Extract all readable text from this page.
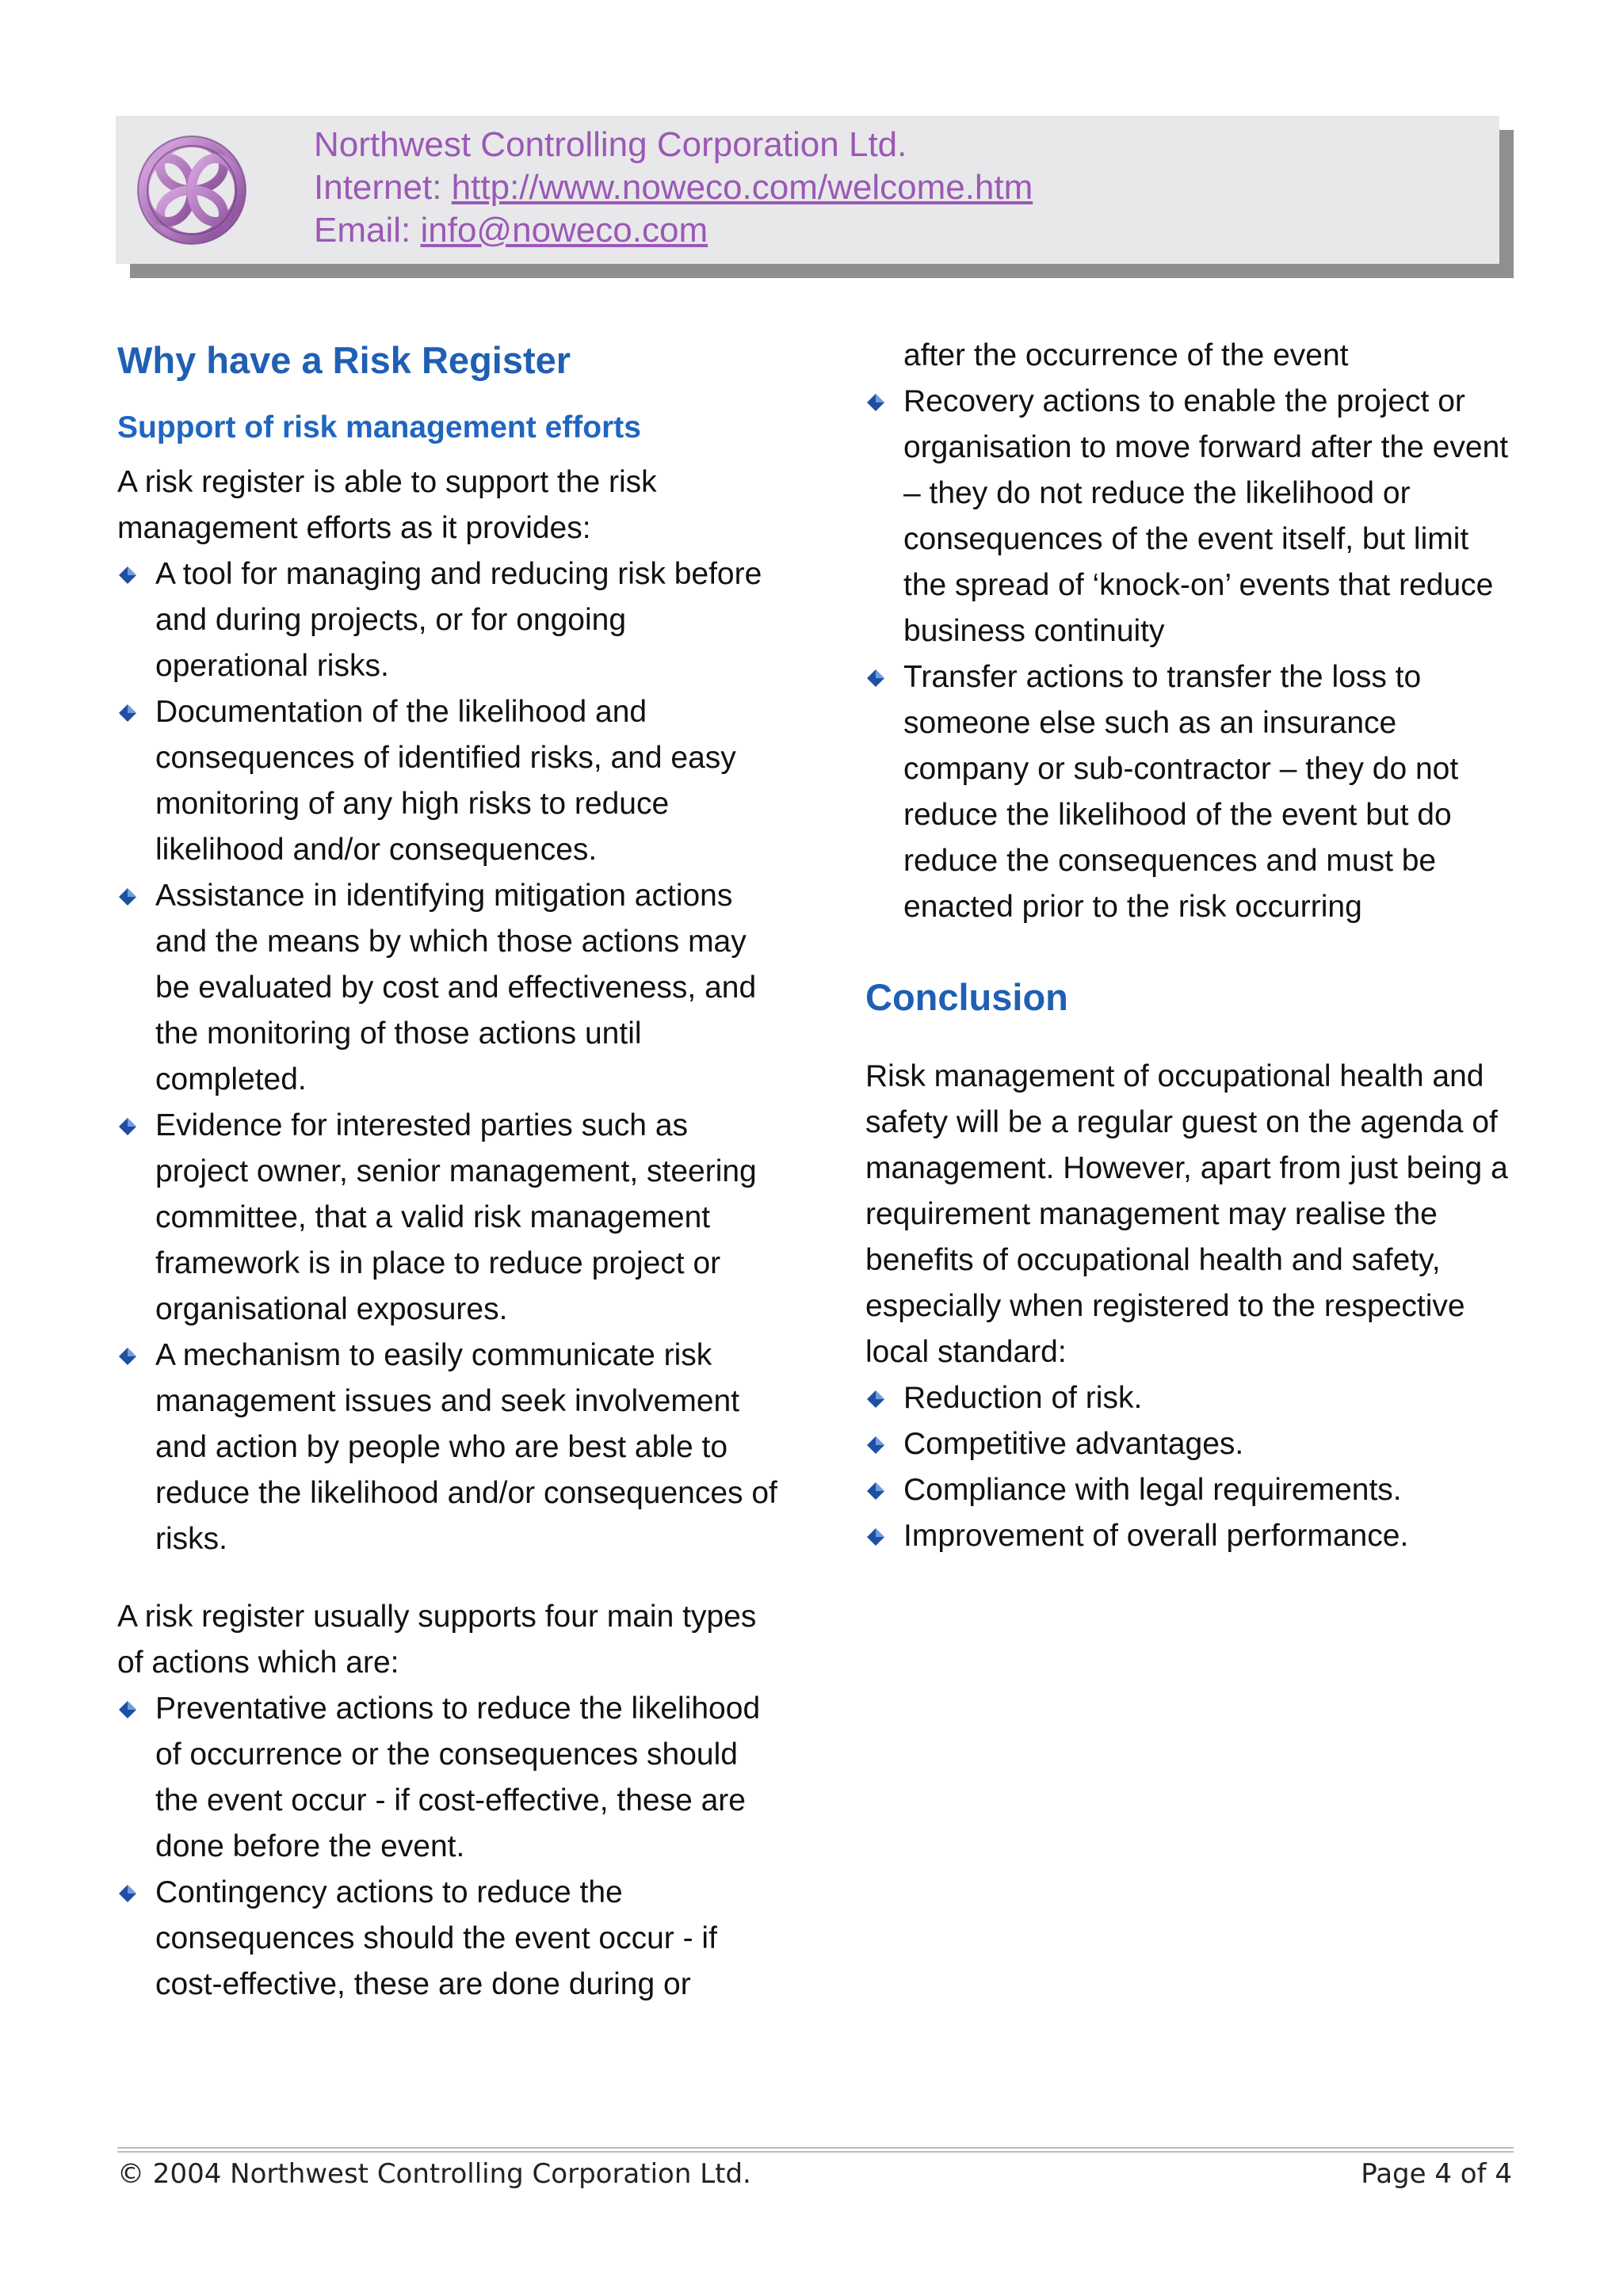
Northwest Controlling Corporation Ltd.
Internet: http://www.noweco.com/welcome.htm
Email: info@noweco.com
Why have a Risk Register
Support of risk management efforts

A risk register is able to support the risk management efforts as it provides:

A tool for managing and reducing risk before and during projects, or for ongoing operational risks.
Documentation of the likelihood and consequences of identified risks, and easy monitoring of any high risks to reduce likelihood and/or consequences.
Assistance in identifying mitigation actions and the means by which those actions may be evaluated by cost and effectiveness, and the monitoring of those actions until completed.
Evidence for interested parties such as project owner, senior management, steering committee, that a valid risk management framework is in place to reduce project or organisational exposures.
A mechanism to easily communicate risk management issues and seek involvement and action by people who are best able to reduce the likelihood and/or consequences of risks.

A risk register usually supports four main types of actions which are:

Preventative actions to reduce the likelihood of occurrence or the consequences should the event occur - if cost-effective, these are done before the event.
Contingency actions to reduce the consequences should the event occur - if cost-effective, these are done during or
after the occurrence of the event
Recovery actions to enable the project or organisation to move forward after the event – they do not reduce the likelihood or consequences of the event itself, but limit the spread of ‘knock-on’ events that reduce business continuity
Transfer actions to transfer the loss to someone else such as an insurance company or sub-contractor – they do not reduce the likelihood of the event but do reduce the consequences and must be enacted prior to the risk occurring
Conclusion

Risk management of occupational health and safety will be a regular guest on the agenda of management. However, apart from just being a requirement management may realise the benefits of occupational health and safety, especially when registered to the respective local standard:

Reduction of risk.
Competitive advantages.
Compliance with legal requirements.
Improvement of overall performance.
© 2004 Northwest Controlling Corporation Ltd.	Page 4 of 4
